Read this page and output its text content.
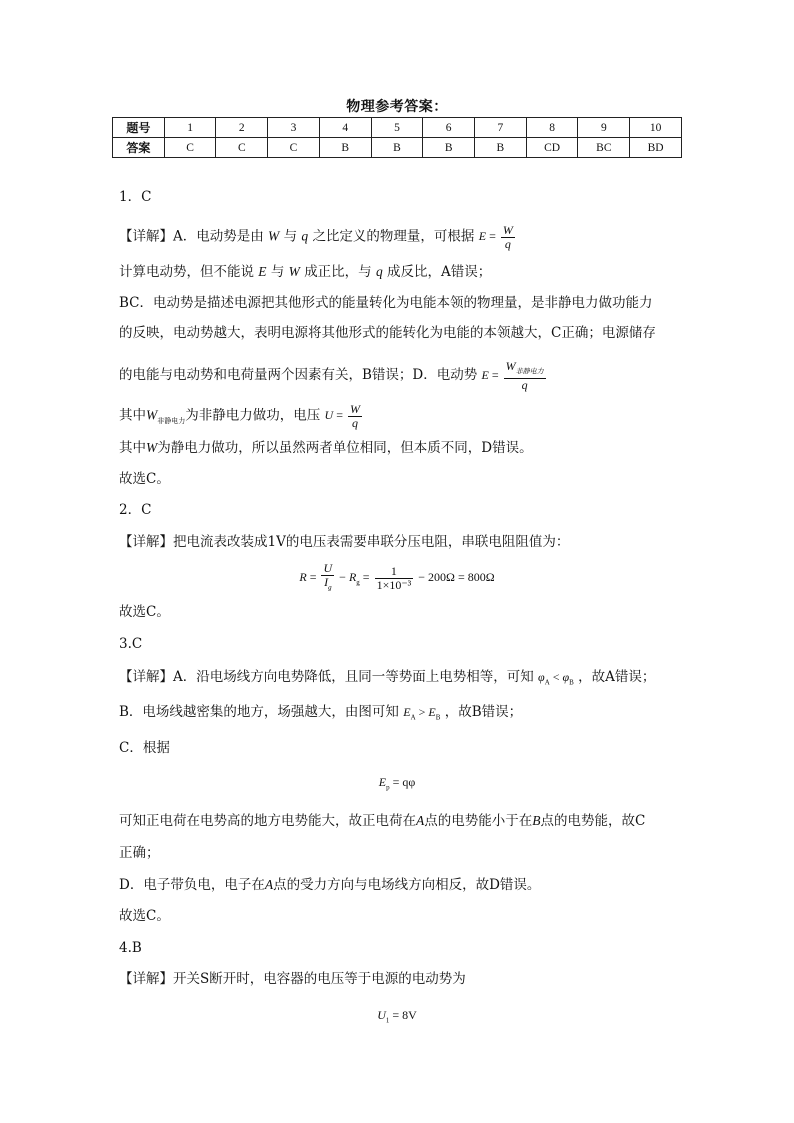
物理参考答案：
题号	1	2	3	4	5	6	7	8	9	10
答案	C	C	C	B	B	B	B	CD	BC	BD
1．C
【详解】A．电动势是由 W 与 q 之比定义的物理量，可根据 $E = \frac{W}{q}$
计算电动势，但不能说 E 与 W 成正比，与 q 成反比，A错误；
BC．电动势是描述电源把其他形式的能量转化为电能本领的物理量，是非静电力做功能力
的反映，电动势越大，表明电源将其他形式的能转化为电能的本领越大，C正确；电源储存
的电能与电动势和电荷量两个因素有关，B错误；D．电动势 $E = \frac{W_{非静电力}}{q}$
其中$W_{非静电力}$为非静电力做功，电压 $U = \frac{W}{q}$
其中W为静电力做功，所以虽然两者单位相同，但本质不同，D错误。
故选C。
2．C
【详解】把电流表改装成1V的电压表需要串联分压电阻，串联电阻阻值为：
$R = \frac{U}{I_g} - R_g = \frac{1}{\text{1×10⁻³}} - 200\Omega = 800\Omega$
故选C。
3.C
【详解】A．沿电场线方向电势降低，且同一等势面上电势相等，可知 $\varphi_A < \varphi_B$ ，故A错误；
B．电场线越密集的地方，场强越大，由图可知 $E_A > E_B$ ，故B错误；
C．根据
$E_p = q\varphi$
可知正电荷在电势高的地方电势能大，故正电荷在A点的电势能小于在B点的电势能，故C
正确；
D．电子带负电，电子在A点的受力方向与电场线方向相反，故D错误。
故选C。
4.B
【详解】开关S断开时，电容器的电压等于电源的电动势为
$U_1 = 8V$
